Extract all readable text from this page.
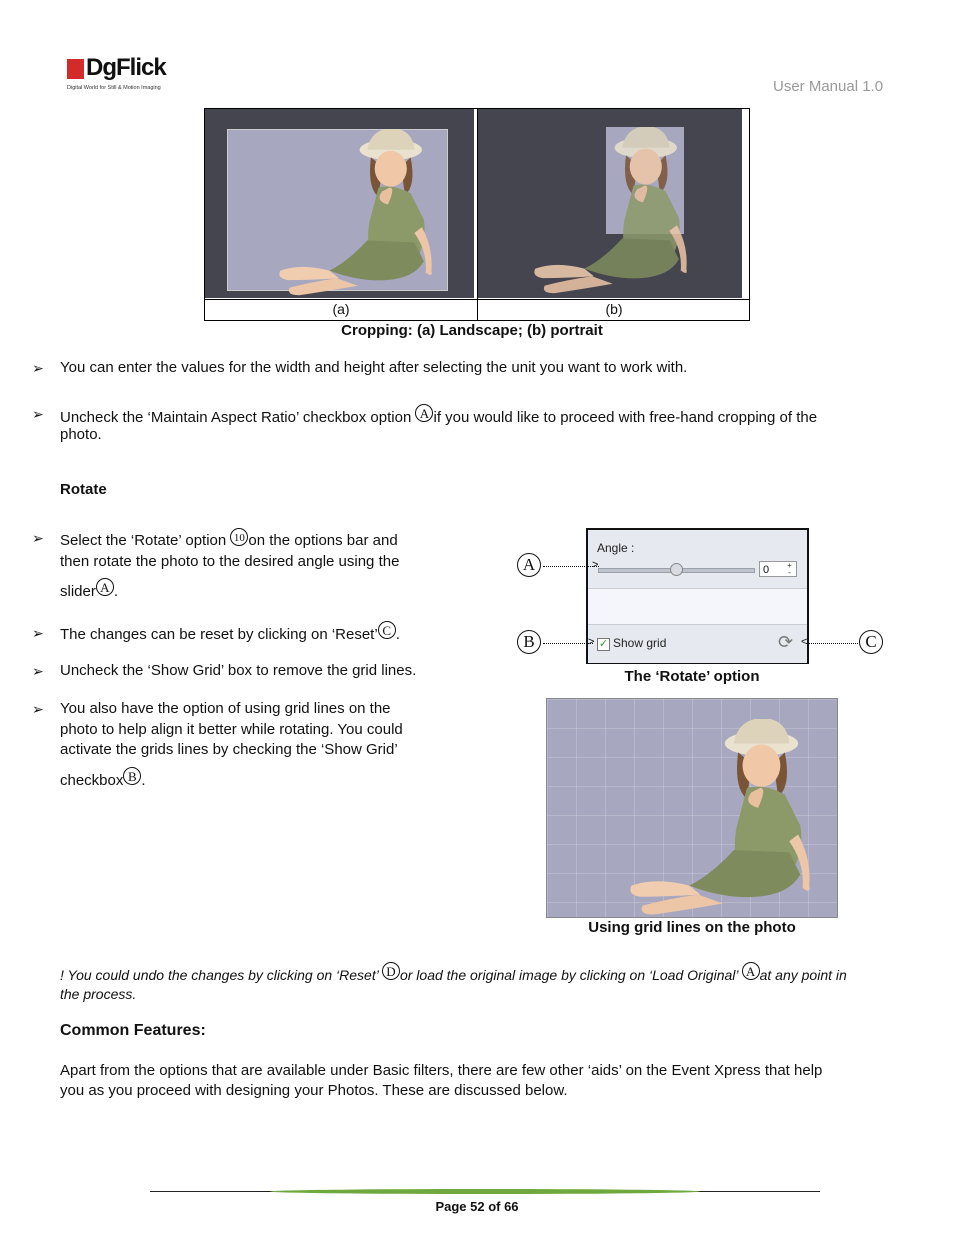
DgFlick
Digital World for Still & Motion Imaging	User Manual 1.0
(a)	(b)
Cropping: (a) Landscape; (b) portrait
➢ You can enter the values for the width and height after selecting the unit you want to work with.
➢ Uncheck the ‘Maintain Aspect Ratio’ checkbox option A if you would like to proceed with free-hand cropping of the
photo.
Rotate
➢ Select the ‘Rotate’ option 10 on the options bar and
then rotate the photo to the desired angle using the
slider A .
➢ The changes can be reset by clicking on ‘Reset’ C .
➢ Uncheck the ‘Show Grid’ box to remove the grid lines.
➢ You also have the option of using grid lines on the
photo to help align it better while rotating. You could
activate the grids lines by checking the ‘Show Grid’
checkbox B .
Angle :
0	+
-
✓ Show grid	⟳
A	>
B	>	C
<
The ‘Rotate’ option
Using grid lines on the photo
! You could undo the changes by clicking on ‘Reset’ D or load the original image by clicking on ‘Load Original’ A at any point in
the process.
Common Features:
Apart from the options that are available under Basic filters, there are few other ‘aids’ on the Event Xpress that help
you as you proceed with designing your Photos. These are discussed below.
Page 52 of 66
